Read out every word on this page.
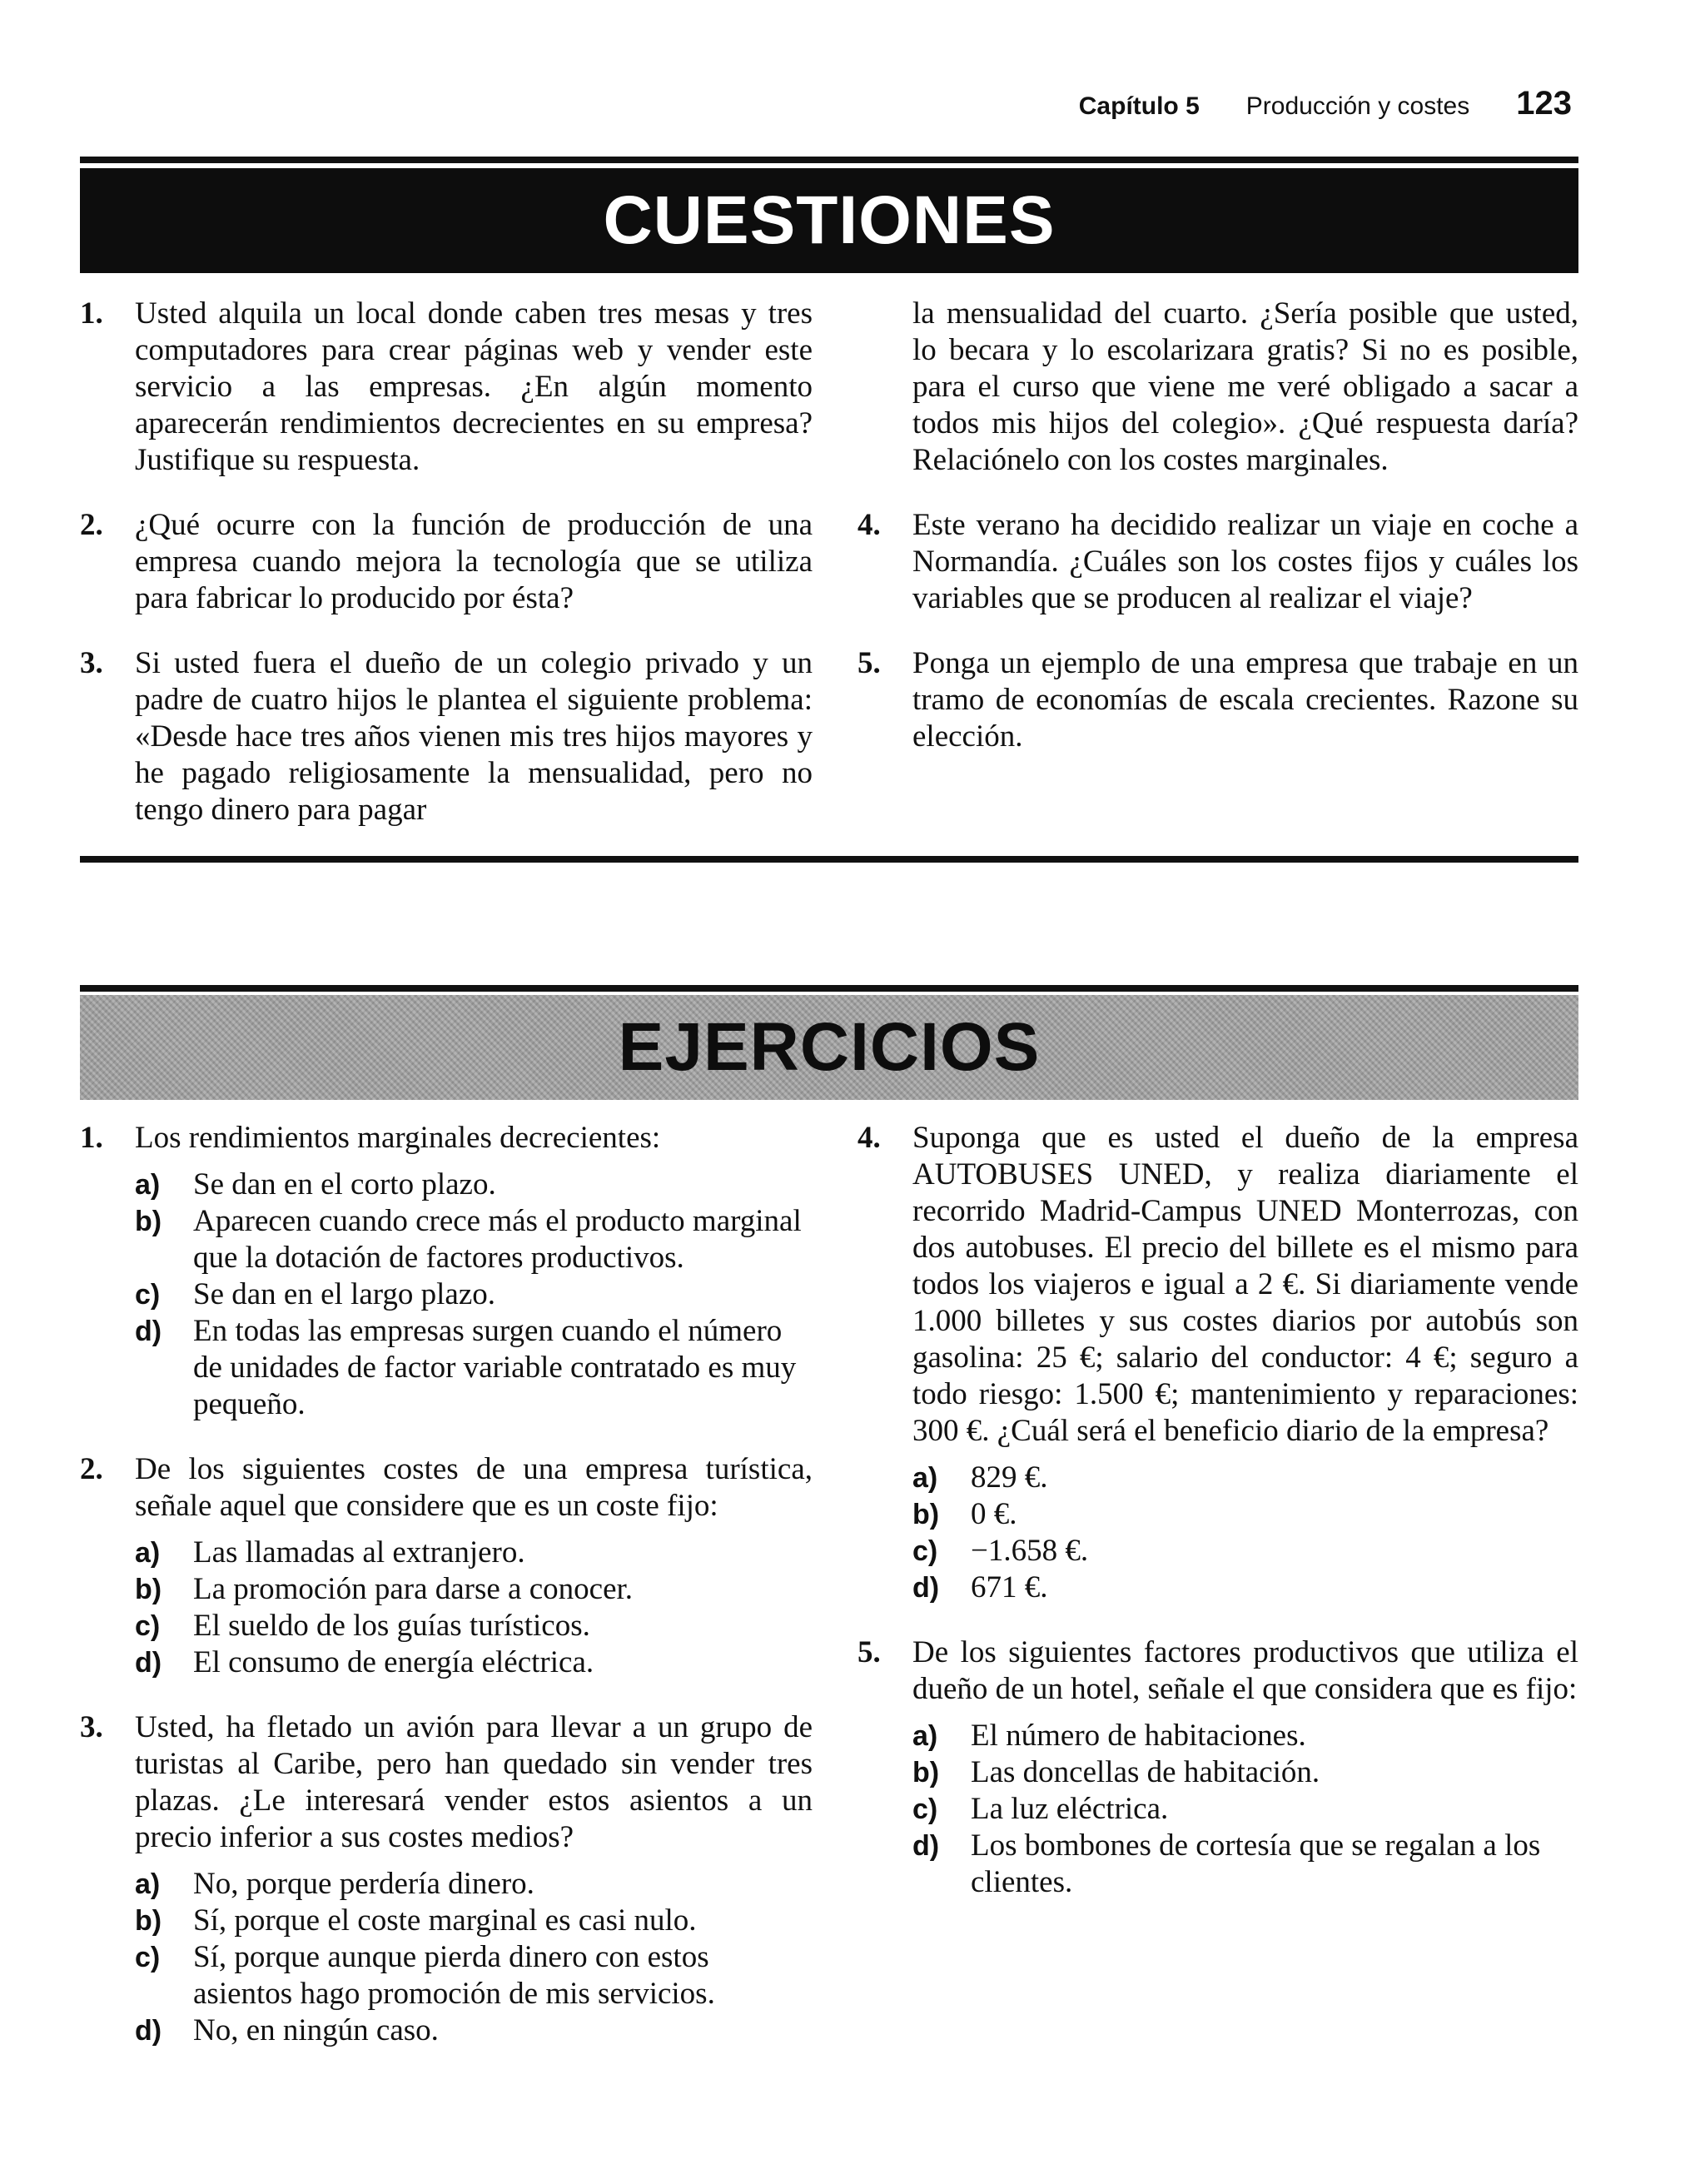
Capítulo 5 Producción y costes 123
CUESTIONES
1. Usted alquila un local donde caben tres mesas y tres computadores para crear páginas web y vender este servicio a las empresas. ¿En algún momento aparecerán rendimientos decrecientes en su empresa? Justifique su respuesta.
2. ¿Qué ocurre con la función de producción de una empresa cuando mejora la tecnología que se utiliza para fabricar lo producido por ésta?
3. Si usted fuera el dueño de un colegio privado y un padre de cuatro hijos le plantea el siguiente problema: «Desde hace tres años vienen mis tres hijos mayores y he pagado religiosamente la mensualidad, pero no tengo dinero para pagar
la mensualidad del cuarto. ¿Sería posible que usted, lo becara y lo escolarizara gratis? Si no es posible, para el curso que viene me veré obligado a sacar a todos mis hijos del colegio». ¿Qué respuesta daría? Relaciónelo con los costes marginales.
4. Este verano ha decidido realizar un viaje en coche a Normandía. ¿Cuáles son los costes fijos y cuáles los variables que se producen al realizar el viaje?
5. Ponga un ejemplo de una empresa que trabaje en un tramo de economías de escala crecientes. Razone su elección.
EJERCICIOS
1. Los rendimientos marginales decrecientes:
a) Se dan en el corto plazo.
b) Aparecen cuando crece más el producto marginal que la dotación de factores productivos.
c) Se dan en el largo plazo.
d) En todas las empresas surgen cuando el número de unidades de factor variable contratado es muy pequeño.
2. De los siguientes costes de una empresa turística, señale aquel que considere que es un coste fijo:
a) Las llamadas al extranjero.
b) La promoción para darse a conocer.
c) El sueldo de los guías turísticos.
d) El consumo de energía eléctrica.
3. Usted, ha fletado un avión para llevar a un grupo de turistas al Caribe, pero han quedado sin vender tres plazas. ¿Le interesará vender estos asientos a un precio inferior a sus costes medios?
a) No, porque perdería dinero.
b) Sí, porque el coste marginal es casi nulo.
c) Sí, porque aunque pierda dinero con estos asientos hago promoción de mis servicios.
d) No, en ningún caso.
4. Suponga que es usted el dueño de la empresa AUTOBUSES UNED, y realiza diariamente el recorrido Madrid-Campus UNED Monterrozas, con dos autobuses. El precio del billete es el mismo para todos los viajeros e igual a 2 €. Si diariamente vende 1.000 billetes y sus costes diarios por autobús son gasolina: 25 €; salario del conductor: 4 €; seguro a todo riesgo: 1.500 €; mantenimiento y reparaciones: 300 €. ¿Cuál será el beneficio diario de la empresa?
a) 829 €.
b) 0 €.
c) −1.658 €.
d) 671 €.
5. De los siguientes factores productivos que utiliza el dueño de un hotel, señale el que considera que es fijo:
a) El número de habitaciones.
b) Las doncellas de habitación.
c) La luz eléctrica.
d) Los bombones de cortesía que se regalan a los clientes.
